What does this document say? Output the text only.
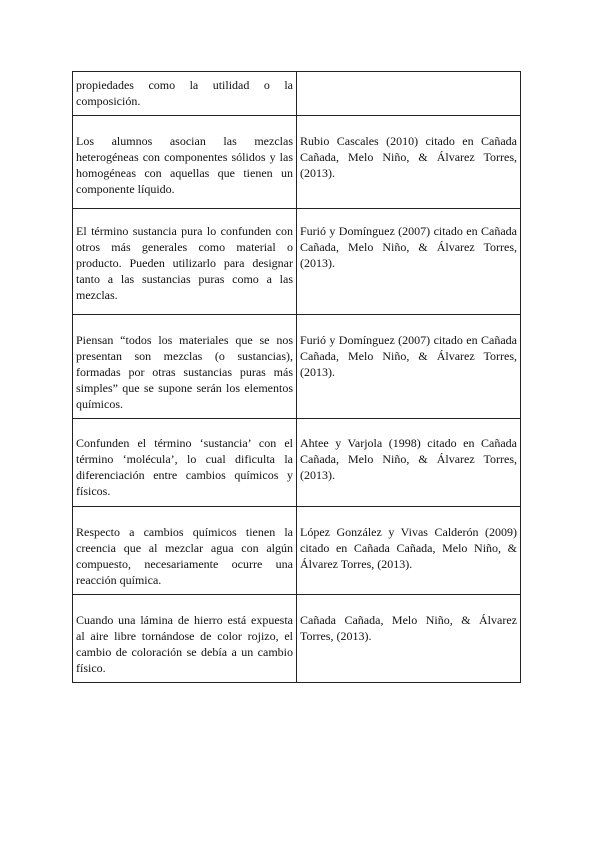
propiedades como la utilidad o la composición.	

Los alumnos asocian las mezclas heterogéneas con componentes sólidos y las homogéneas con aquellas que tienen un componente líquido.	Rubio Cascales (2010) citado en Cañada Cañada, Melo Niño, & Álvarez Torres, (2013).

El término sustancia pura lo confunden con otros más generales como material o producto. Pueden utilizarlo para designar tanto a las sustancias puras como a las mezclas.	Furió y Domínguez (2007) citado en Cañada Cañada, Melo Niño, & Álvarez Torres, (2013).

Piensan “todos los materiales que se nos presentan son mezclas (o sustancias), formadas por otras sustancias puras más simples” que se supone serán los elementos químicos.	Furió y Domínguez (2007) citado en Cañada Cañada, Melo Niño, & Álvarez Torres, (2013).

Confunden el término ‘sustancia’ con el término ‘molécula’, lo cual dificulta la diferenciación entre cambios químicos y físicos.	Ahtee y Varjola (1998) citado en Cañada Cañada, Melo Niño, & Álvarez Torres, (2013).

Respecto a cambios químicos tienen la creencia que al mezclar agua con algún compuesto, necesariamente ocurre una reacción química.	López González y Vivas Calderón (2009) citado en Cañada Cañada, Melo Niño, & Álvarez Torres, (2013).

Cuando una lámina de hierro está expuesta al aire libre tornándose de color rojizo, el cambio de coloración se debía a un cambio físico.	Cañada Cañada, Melo Niño, & Álvarez Torres, (2013).
